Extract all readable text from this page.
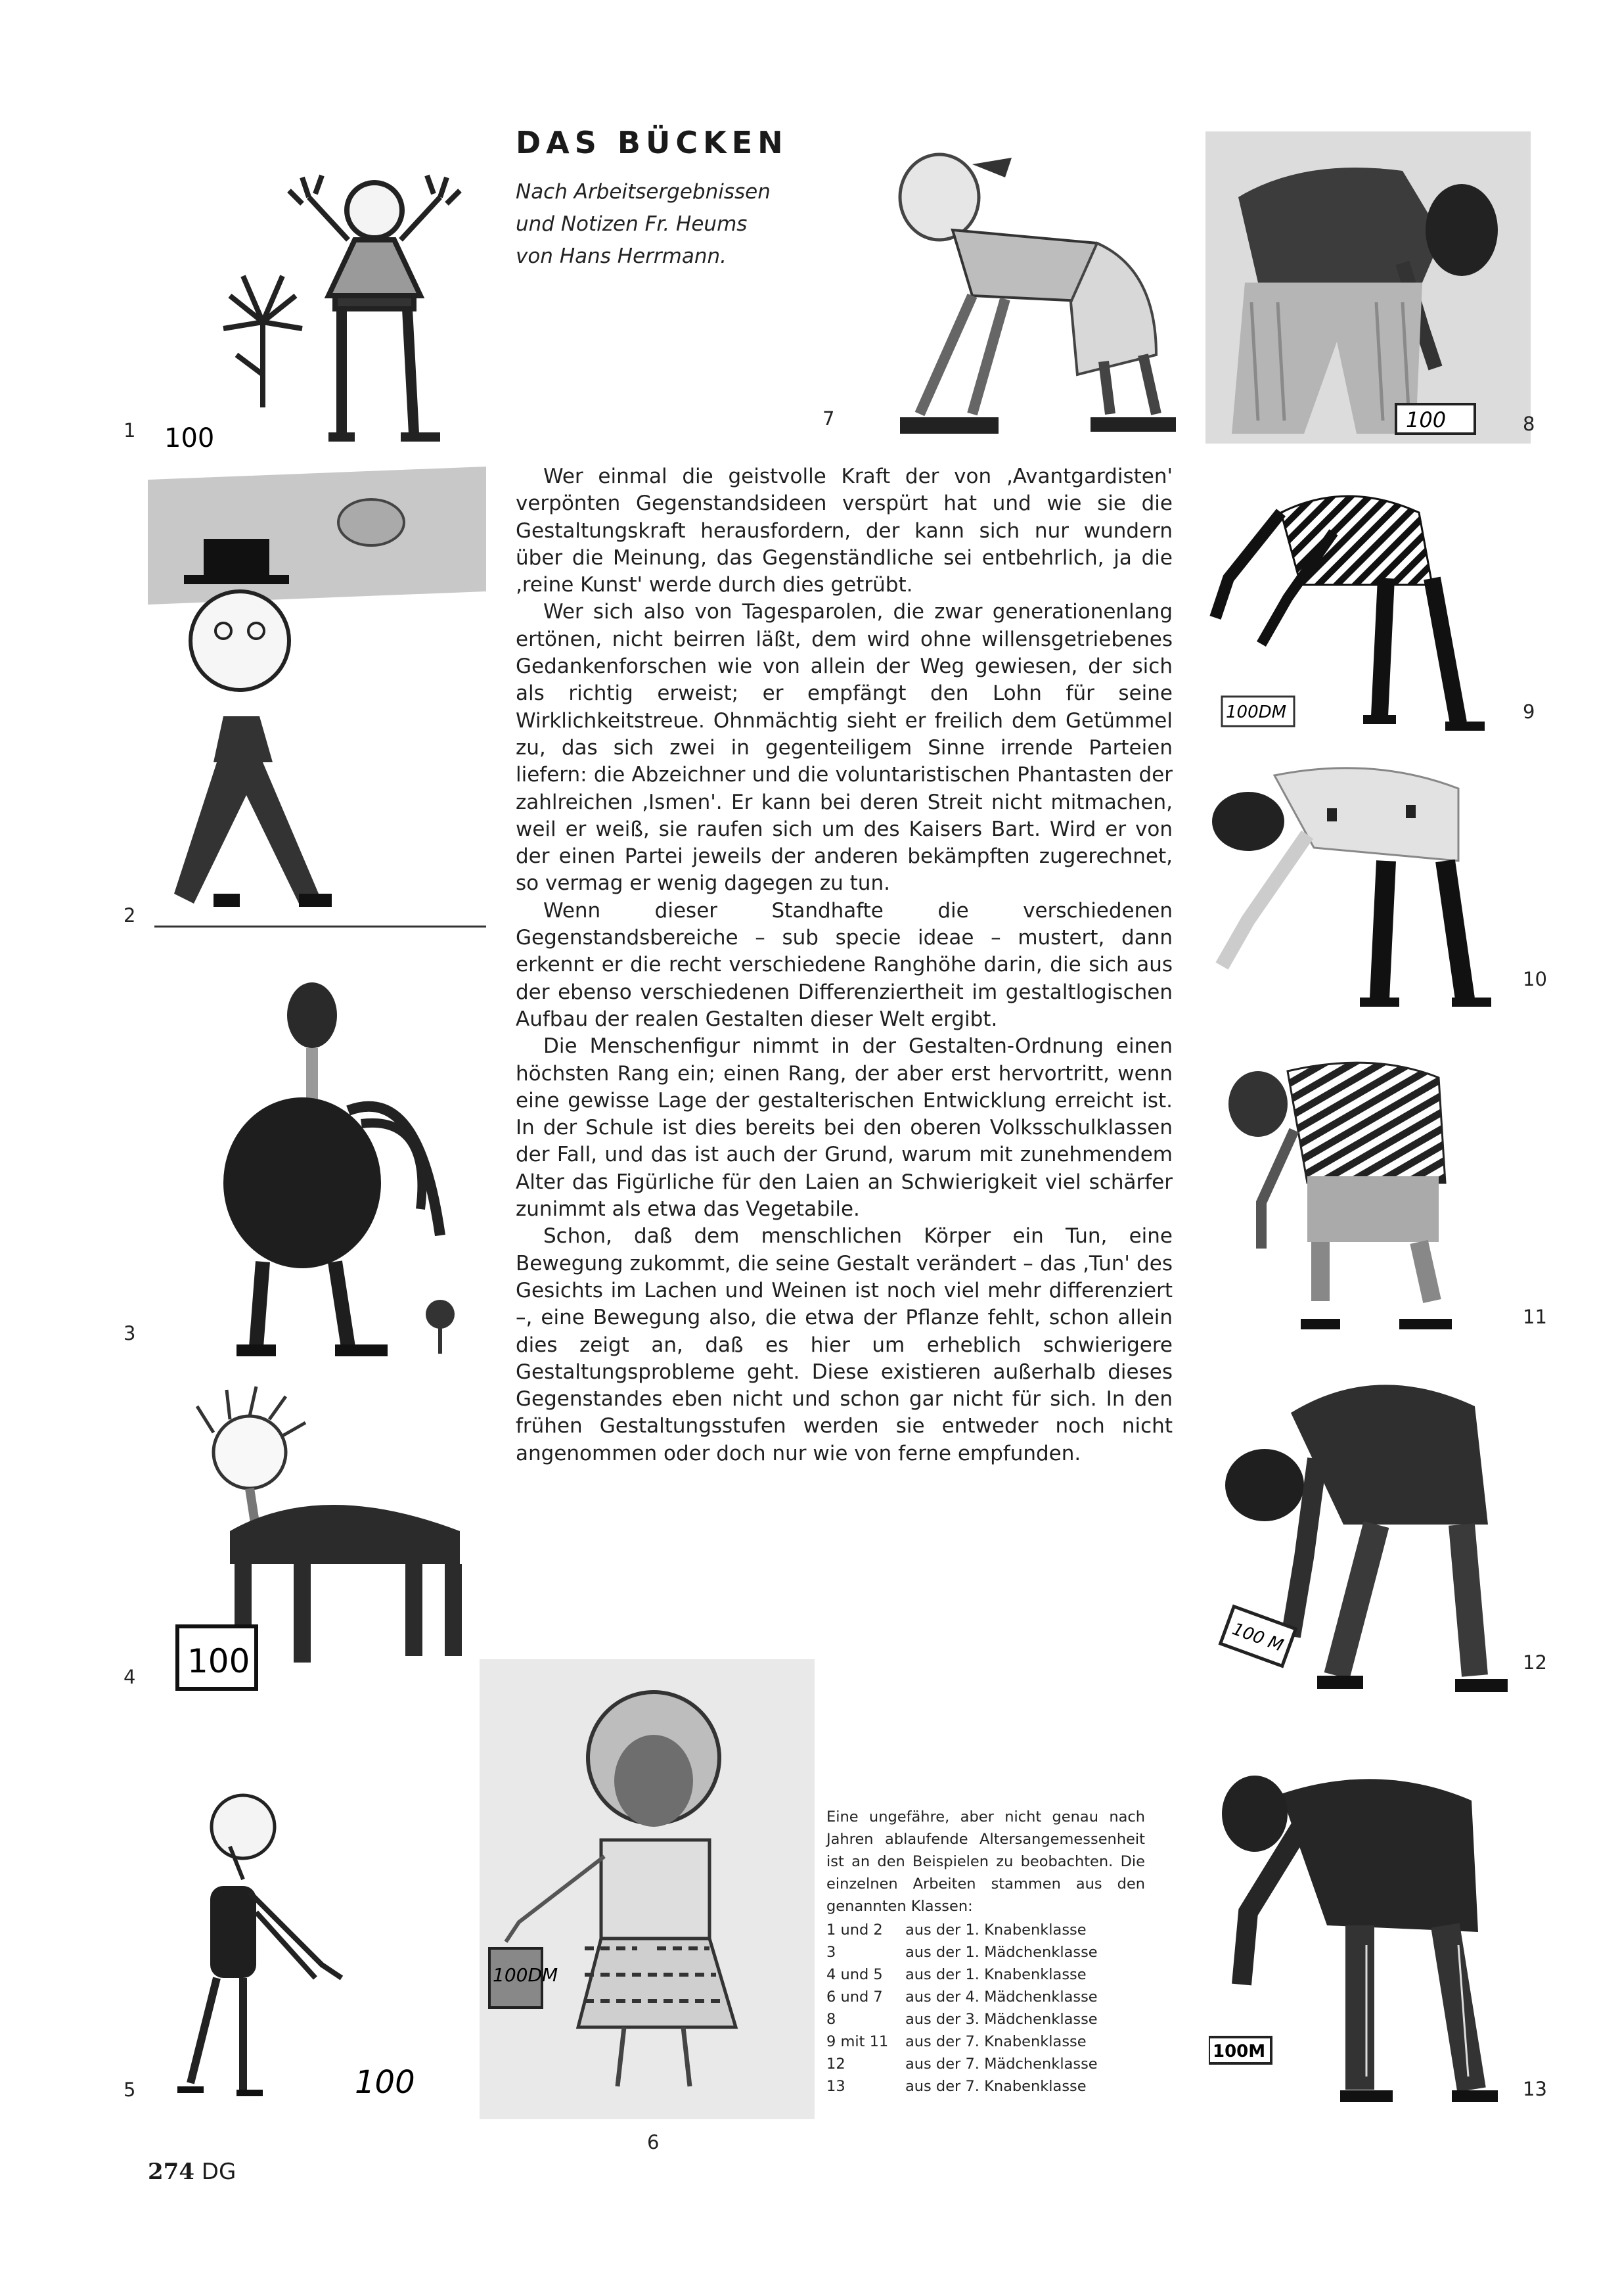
DAS BÜCKEN
Nach Arbeitsergebnissen
und Notizen Fr. Heums
von Hans Herrmann.

Wer einmal die geistvolle Kraft der von ‚Avantgardisten' verpönten Gegenstandsideen verspürt hat und wie sie die Gestaltungskraft herausfordern, der kann sich nur wundern über die Meinung, das Gegenständliche sei entbehrlich, ja die ‚reine Kunst' werde durch dies getrübt.

Wer sich also von Tagesparolen, die zwar generationenlang ertönen, nicht beirren läßt, dem wird ohne willensgetriebenes Gedankenforschen wie von allein der Weg gewiesen, der sich als richtig erweist; er empfängt den Lohn für seine Wirklichkeitstreue. Ohnmächtig sieht er freilich dem Getümmel zu, das sich zwei in gegenteiligem Sinne irrende Parteien liefern: die Abzeichner und die voluntaristischen Phantasten der zahlreichen ‚Ismen'. Er kann bei deren Streit nicht mitmachen, weil er weiß, sie raufen sich um des Kaisers Bart. Wird er von der einen Partei jeweils der anderen bekämpften zugerechnet, so vermag er wenig dagegen zu tun.

Wenn dieser Standhafte die verschiedenen Gegenstandsbereiche – sub specie ideae – mustert, dann erkennt er die recht verschiedene Ranghöhe darin, die sich aus der ebenso verschiedenen Differenziertheit im gestaltlogischen Aufbau der realen Gestalten dieser Welt ergibt.

Die Menschenfigur nimmt in der Gestalten-Ordnung einen höchsten Rang ein; einen Rang, der aber erst hervortritt, wenn eine gewisse Lage der gestalterischen Entwicklung erreicht ist. In der Schule ist dies bereits bei den oberen Volksschulklassen der Fall, und das ist auch der Grund, warum mit zunehmendem Alter das Figürliche für den Laien an Schwierigkeit viel schärfer zunimmt als etwa das Vegetabile.

Schon, daß dem menschlichen Körper ein Tun, eine Bewegung zukommt, die seine Gestalt verändert – das ‚Tun' des Gesichts im Lachen und Weinen ist noch viel mehr differenziert –, eine Bewegung also, die etwa der Pflanze fehlt, schon allein dies zeigt an, daß es hier um erheblich schwierigere Gestaltungsprobleme geht. Diese existieren außerhalb dieses Gegenstandes eben nicht und schon gar nicht für sich. In den frühen Gestaltungsstufen werden sie entweder noch nicht angenommen oder doch nur wie von ferne empfunden.

100
100
100
100DM
100
100DM
100 M
100M
1
2
3
4
5
6
7	8
9
10
11
12
13
Eine ungefähre, aber nicht genau nach Jahren ablaufende Altersangemessenheit ist an den Beispielen zu beobachten. Die einzelnen Arbeiten stammen aus den genannten Klassen:
1 und 2	aus der 1. Knabenklasse
3	aus der 1. Mädchenklasse
4 und 5	aus der 1. Knabenklasse
6 und 7	aus der 4. Mädchenklasse
8	aus der 3. Mädchenklasse
9 mit 11	aus der 7. Knabenklasse
12	aus der 7. Mädchenklasse
13	aus der 7. Knabenklasse
274 DG
